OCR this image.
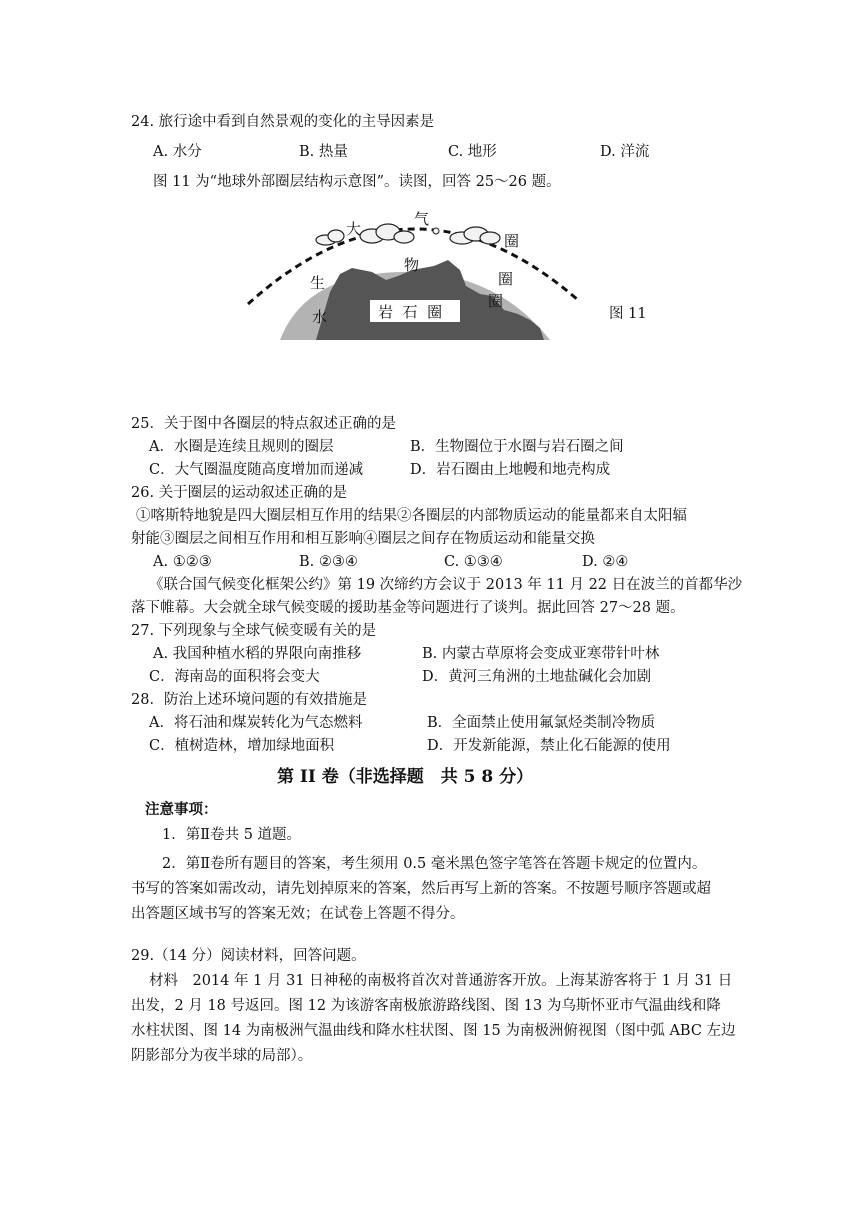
24. 旅行途中看到自然景观的变化的主导因素是
A. 水分	B. 热量	C. 地形	D. 洋流
图 11 为“地球外部圈层结构示意图”。读图，回答 25～26 题。
大
气
圈
物
圈
圈
生
水	岩  石  圈	图 11
25．关于图中各圈层的特点叙述正确的是
A．水圈是连续且规则的圈层	B．生物圈位于水圈与岩石圈之间
C．大气圈温度随高度增加而递减	D．岩石圈由上地幔和地壳构成
26. 关于圈层的运动叙述正确的是
①喀斯特地貌是四大圈层相互作用的结果②各圈层的内部物质运动的能量都来自太阳辐
射能③圈层之间相互作用和相互影响④圈层之间存在物质运动和能量交换
A. ①②③	B. ②③④	C. ①③④	D. ②④
《联合国气候变化框架公约》第 19 次缔约方会议于 2013 年 11 月 22 日在波兰的首都华沙
落下帷幕。大会就全球气候变暖的援助基金等问题进行了谈判。据此回答 27～28 题。
27. 下列现象与全球气候变暖有关的是
A. 我国种植水稻的界限向南推移	B. 内蒙古草原将会变成亚寒带针叶林
C．海南岛的面积将会变大	D．黄河三角洲的土地盐碱化会加剧
28．防治上述环境问题的有效措施是
A．将石油和煤炭转化为气态燃料	B．全面禁止使用氟氯烃类制冷物质
C．植树造林，增加绿地面积	D．开发新能源，禁止化石能源的使用
第 II 卷（非选择题　共 5 8 分）
注意事项：
1．第Ⅱ卷共 5 道题。
2．第Ⅱ卷所有题目的答案，考生须用 0.5 毫米黑色签字笔答在答题卡规定的位置内。
书写的答案如需改动，请先划掉原来的答案，然后再写上新的答案。不按题号顺序答题或超
出答题区域书写的答案无效；在试卷上答题不得分。
29.（14 分）阅读材料，回答问题。
材料　2014 年 1 月 31 日神秘的南极将首次对普通游客开放。上海某游客将于 1 月 31 日
出发，2 月 18 号返回。图 12 为该游客南极旅游路线图、图 13 为乌斯怀亚市气温曲线和降
水柱状图、图 14 为南极洲气温曲线和降水柱状图、图 15 为南极洲俯视图（图中弧 ABC 左边
阴影部分为夜半球的局部）。
